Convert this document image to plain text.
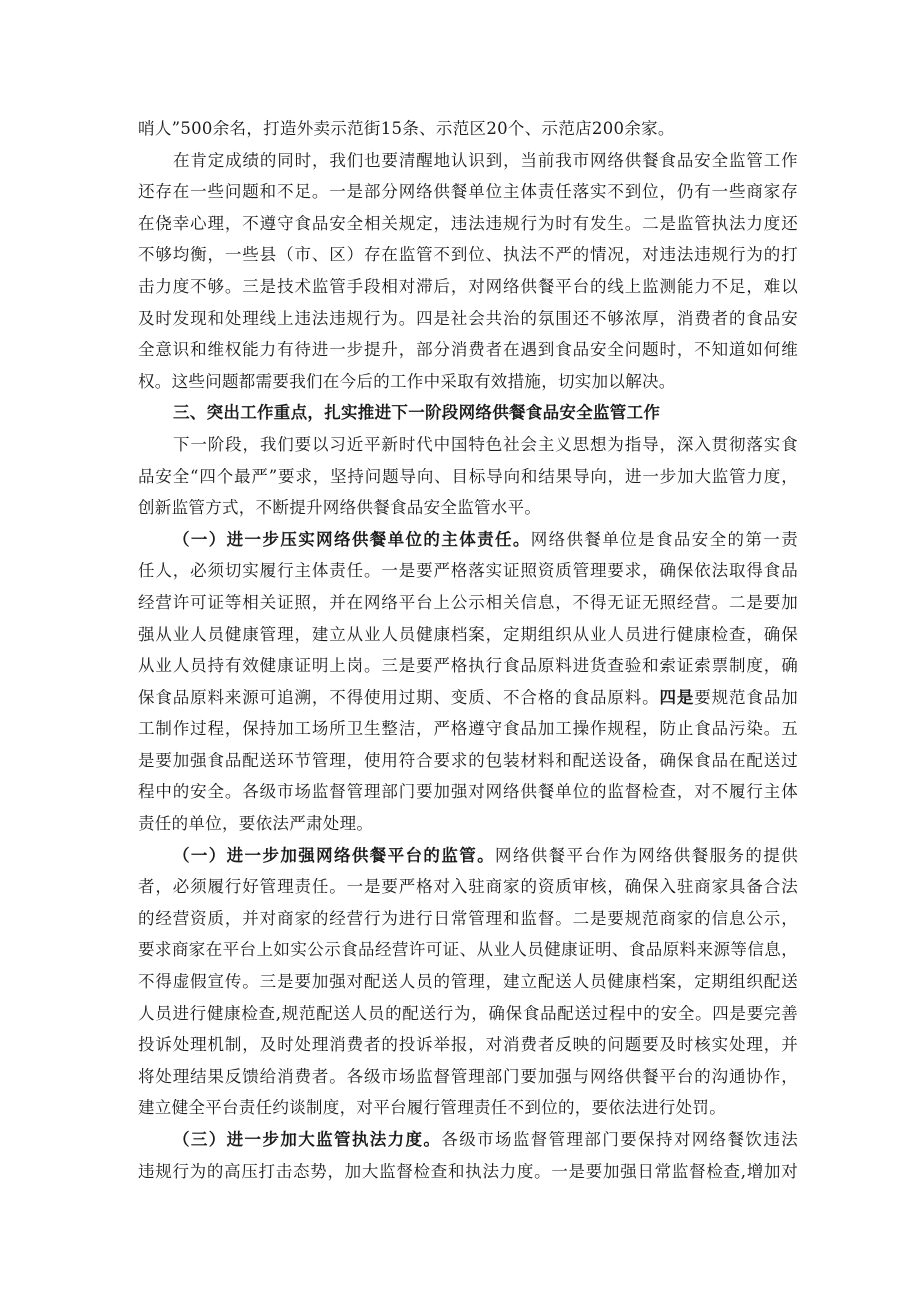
哨人”500余名，打造外卖示范街15条、示范区20个、示范店200余家。
在肯定成绩的同时，我们也要清醒地认识到，当前我市网络供餐食品安全监管工作
还存在一些问题和不足。一是部分网络供餐单位主体责任落实不到位，仍有一些商家存
在侥幸心理，不遵守食品安全相关规定，违法违规行为时有发生。二是监管执法力度还
不够均衡，一些县（市、区）存在监管不到位、执法不严的情况，对违法违规行为的打
击力度不够。三是技术监管手段相对滞后，对网络供餐平台的线上监测能力不足，难以
及时发现和处理线上违法违规行为。四是社会共治的氛围还不够浓厚，消费者的食品安
全意识和维权能力有待进一步提升，部分消费者在遇到食品安全问题时，不知道如何维
权。这些问题都需要我们在今后的工作中采取有效措施，切实加以解决。
三、突出工作重点，扎实推进下一阶段网络供餐食品安全监管工作
下一阶段，我们要以习近平新时代中国特色社会主义思想为指导，深入贯彻落实食
品安全“四个最严”要求，坚持问题导向、目标导向和结果导向，进一步加大监管力度，
创新监管方式，不断提升网络供餐食品安全监管水平。
（一）进一步压实网络供餐单位的主体责任。网络供餐单位是食品安全的第一责
任人，必须切实履行主体责任。一是要严格落实证照资质管理要求，确保依法取得食品
经营许可证等相关证照，并在网络平台上公示相关信息，不得无证无照经营。二是要加
强从业人员健康管理，建立从业人员健康档案，定期组织从业人员进行健康检查，确保
从业人员持有效健康证明上岗。三是要严格执行食品原料进货查验和索证索票制度，确
保食品原料来源可追溯，不得使用过期、变质、不合格的食品原料。四是要规范食品加
工制作过程，保持加工场所卫生整洁，严格遵守食品加工操作规程，防止食品污染。五
是要加强食品配送环节管理，使用符合要求的包装材料和配送设备，确保食品在配送过
程中的安全。各级市场监督管理部门要加强对网络供餐单位的监督检查，对不履行主体
责任的单位，要依法严肃处理。
（一）进一步加强网络供餐平台的监管。网络供餐平台作为网络供餐服务的提供
者，必须履行好管理责任。一是要严格对入驻商家的资质审核，确保入驻商家具备合法
的经营资质，并对商家的经营行为进行日常管理和监督。二是要规范商家的信息公示，
要求商家在平台上如实公示食品经营许可证、从业人员健康证明、食品原料来源等信息，
不得虚假宣传。三是要加强对配送人员的管理，建立配送人员健康档案，定期组织配送
人员进行健康检查,规范配送人员的配送行为，确保食品配送过程中的安全。四是要完善
投诉处理机制，及时处理消费者的投诉举报，对消费者反映的问题要及时核实处理，并
将处理结果反馈给消费者。各级市场监督管理部门要加强与网络供餐平台的沟通协作，
建立健全平台责任约谈制度，对平台履行管理责任不到位的，要依法进行处罚。
（三）进一步加大监管执法力度。各级市场监督管理部门要保持对网络餐饮违法
违规行为的高压打击态势，加大监督检查和执法力度。一是要加强日常监督检查,增加对
